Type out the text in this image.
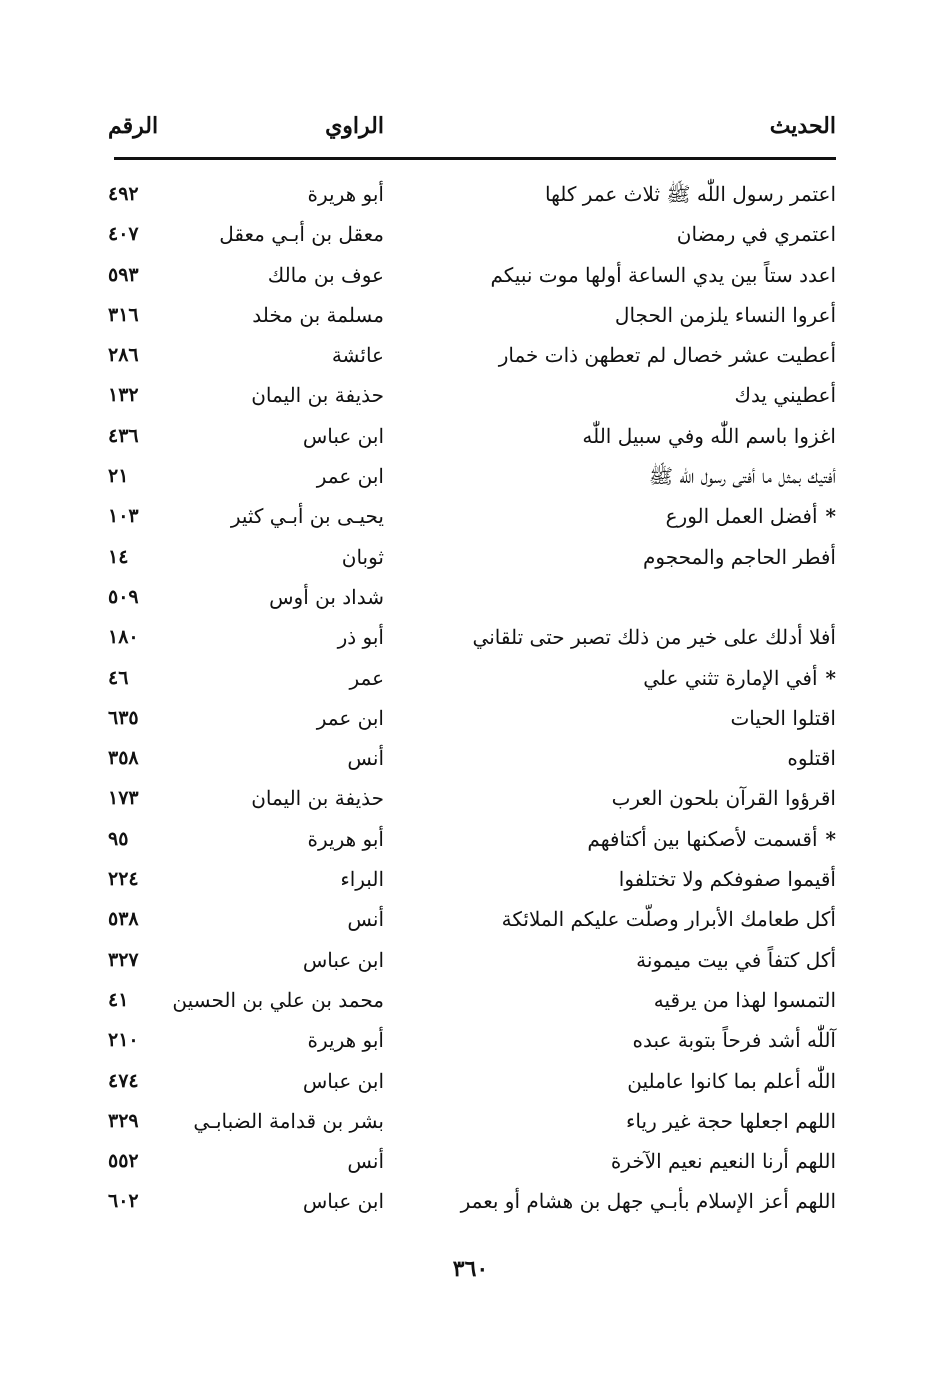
الحديث
الراوي
الرقم
اعتمر رسول اللّٰه ﷺ ثلاث عمر كلها
أبو هريرة
٤٩٢
اعتمري في رمضان
معقل بن أبـي معقل
٤٠٧
اعدد ستاً بين يدي الساعة أولها موت نبيكم
عوف بن مالك
٥٩٣
أعروا النساء يلزمن الحجال
مسلمة بن مخلد
٣١٦
أعطيت عشر خصال لم تعطهن ذات خمار
عائشة
٢٨٦
أعطيني يدك
حذيفة بن اليمان
١٣٢
اغزوا باسم اللّٰه وفي سبيل اللّٰه
ابن عباس
٤٣٦
أفتيك بمثل ما أفتى رسول اللّٰه ﷺ
ابن عمر
٢١
*أفضل العمل الورع
يحيـى بن أبـي كثير
١٠٣
أفطر الحاجم والمحجوم
ثوبان
١٤
شداد بن أوس
٥٠٩
أفلا أدلك على خير من ذلك تصبر حتى تلقاني
أبو ذر
١٨٠
*أفي الإمارة تثني علي
عمر
٤٦
اقتلوا الحيات
ابن عمر
٦٣٥
اقتلوه
أنس
٣٥٨
اقرؤوا القرآن بلحون العرب
حذيفة بن اليمان
١٧٣
*أقسمت لأصكنها بين أكتافهم
أبو هريرة
٩٥
أقيموا صفوفكم ولا تختلفوا
البراء
٢٢٤
أكل طعامك الأبرار وصلّت عليكم الملائكة
أنس
٥٣٨
أكل كتفاً في بيت ميمونة
ابن عباس
٣٢٧
التمسوا لهذا من يرقيه
محمد بن علي بن الحسين
٤١
آللّٰه أشد فرحاً بتوبة عبده
أبو هريرة
٢١٠
اللّٰه أعلم بما كانوا عاملين
ابن عباس
٤٧٤
اللهم اجعلها حجة غير رياء
بشر بن قدامة الضبابـي
٣٢٩
اللهم أرنا النعيم نعيم الآخرة
أنس
٥٥٢
اللهم أعز الإسلام بأبـي جهل بن هشام أو بعمر
ابن عباس
٦٠٢
٣٦٠
